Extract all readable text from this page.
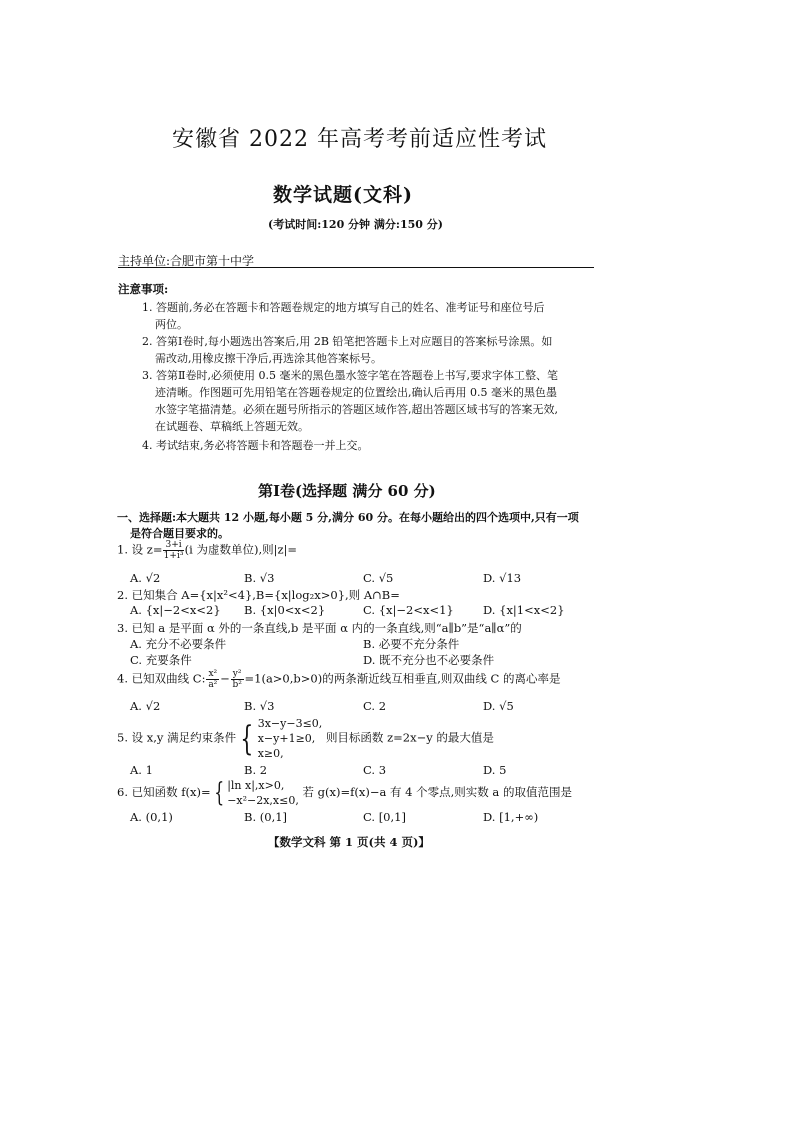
安徽省 2022 年高考考前适应性考试
数学试题(文科)
(考试时间:120 分钟 满分:150 分)
主持单位:合肥市第十中学
注意事项:
1. 答题前,务必在答题卡和答题卷规定的地方填写自己的姓名、准考证号和座位号后
两位。
2. 答第Ⅰ卷时,每小题选出答案后,用 2B 铅笔把答题卡上对应题目的答案标号涂黑。如
需改动,用橡皮擦干净后,再选涂其他答案标号。
3. 答第Ⅱ卷时,必须使用 0.5 毫米的黑色墨水签字笔在答题卷上书写,要求字体工整、笔
迹清晰。作图题可先用铅笔在答题卷规定的位置绘出,确认后再用 0.5 毫米的黑色墨
水签字笔描清楚。必须在题号所指示的答题区域作答,超出答题区域书写的答案无效,
在试题卷、草稿纸上答题无效。
4. 考试结束,务必将答题卡和答题卷一并上交。
第Ⅰ卷(选择题 满分 60 分)
一、选择题:本大题共 12 小题,每小题 5 分,满分 60 分。在每小题给出的四个选项中,只有一项
是符合题目要求的。
1. 设 $z= \frac{3+i}{\text{1+i³}} (i$ 为虚数单位),则|z|=
A. √2	B. √3	C. √5	D. √13
2. 已知集合 A={x|x²<4},B={x|log₂x>0},则 A∩B=
A. {x|−2<x<2} B. {x|0<x<2}	C. {x|−2<x<1}	D. {x|1<x<2}
3. 已知 a 是平面 α 外的一条直线,b 是平面 α 内的一条直线,则“a∥b”是“a∥α”的
A. 充分不必要条件	B. 必要不充分条件
C. 充要条件	D. 既不充分也不必要条件
4. 已知双曲线 C: $\frac{\text{x²}}{\text{a²}} - \frac{\text{y²}}{\text{b²}} =1(a>0,b>0)$的两条渐近线互相垂直,则双曲线 C 的离心率是
A. √2	B. √3	C. 2	D. √5
5. 设 x,y 满足约束条件 { 3x−y−3≤0,
x−y+1≥0,
x≥0,
则目标函数 z=2x−y 的最大值是
A. 1	B. 2	C. 3	D. 5
6. 已知函数 f(x)= { |ln x|,x>0,
−x²−2x,x≤0,
若 g(x)=f(x)−a 有 4 个零点,则实数 a 的取值范围是
A. (0,1)	B. (0,1]	C. [0,1]	D. [1,+∞)
【数学文科 第 1 页(共 4 页)】
